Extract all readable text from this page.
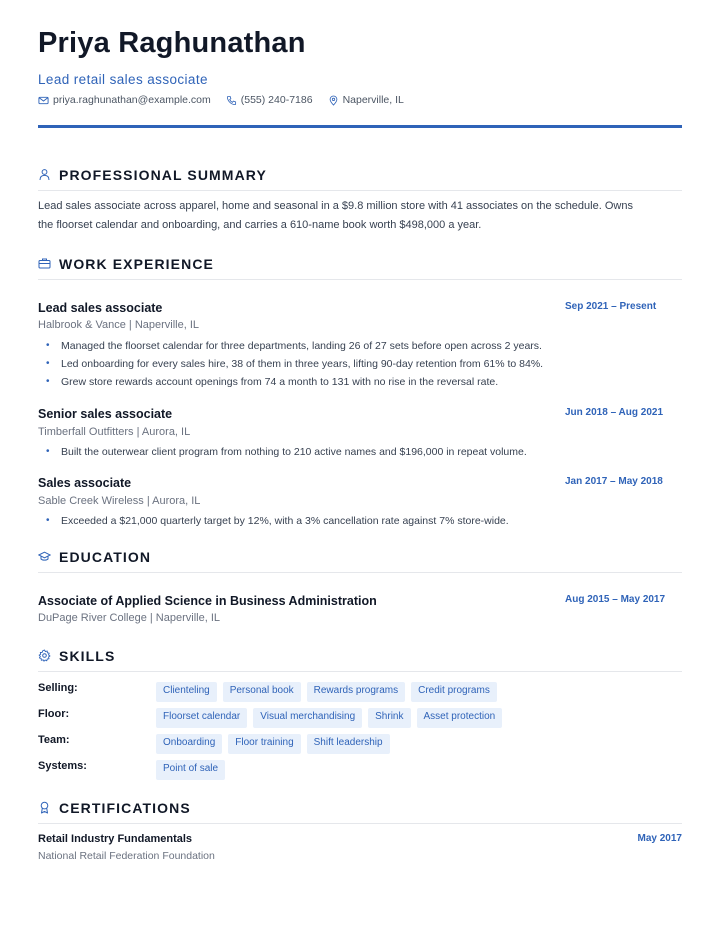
Priya Raghunathan
Lead retail sales associate
priya.raghunathan@example.com	(555) 240-7186	Naperville, IL
PROFESSIONAL SUMMARY
Lead sales associate across apparel, home and seasonal in a $9.8 million store with 41 associates on the schedule. Owns
the floorset calendar and onboarding, and carries a 610-name book worth $498,000 a year.
WORK EXPERIENCE
Lead sales associate	Sep 2021 – Present
Halbrook & Vance | Naperville, IL
•	Managed the floorset calendar for three departments, landing 26 of 27 sets before open across 2 years.
•	Led onboarding for every sales hire, 38 of them in three years, lifting 90-day retention from 61% to 84%.
•	Grew store rewards account openings from 74 a month to 131 with no rise in the reversal rate.
Senior sales associate	Jun 2018 – Aug 2021
Timberfall Outfitters | Aurora, IL
•	Built the outerwear client program from nothing to 210 active names and $196,000 in repeat volume.
Sales associate	Jan 2017 – May 2018
Sable Creek Wireless | Aurora, IL
•	Exceeded a $21,000 quarterly target by 12%, with a 3% cancellation rate against 7% store-wide.
EDUCATION
Associate of Applied Science in Business Administration	Aug 2015 – May 2017
DuPage River College | Naperville, IL
SKILLS
Selling:	Clienteling	Personal book	Rewards programs	Credit programs
Floor:	Floorset calendar	Visual merchandising	Shrink	Asset protection
Team:	Onboarding	Floor training	Shift leadership
Systems:	Point of sale
CERTIFICATIONS
Retail Industry Fundamentals	May 2017
National Retail Federation Foundation
